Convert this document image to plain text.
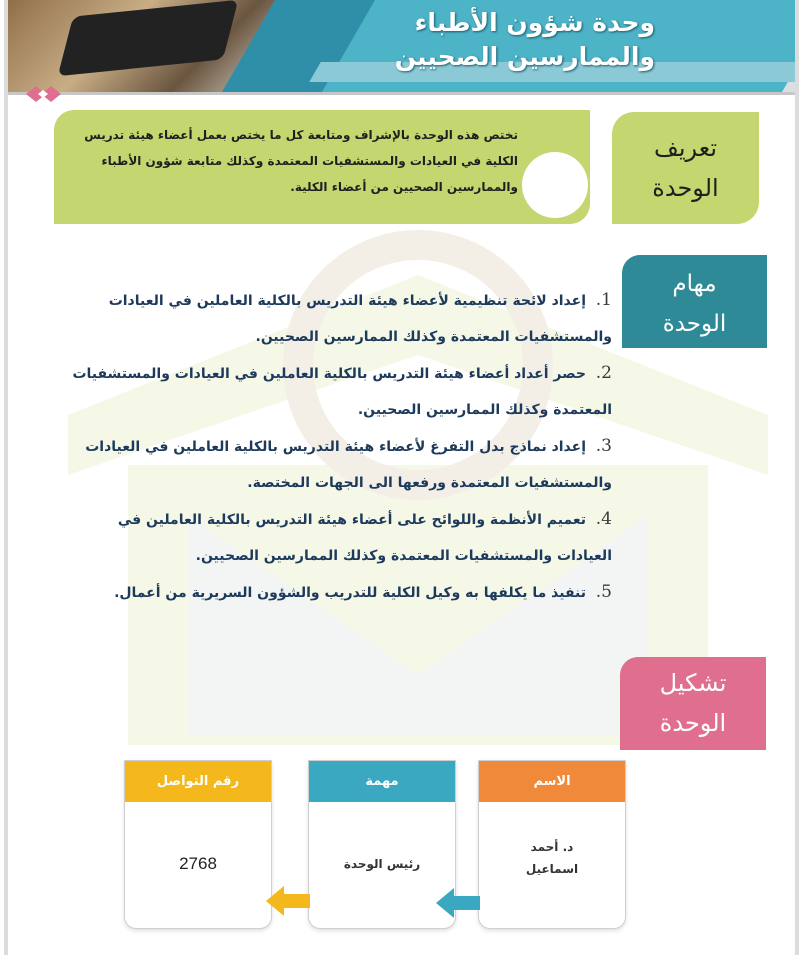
وحدة شؤون الأطباء
والممارسين الصحيين
تختص هذه الوحدة بالإشراف ومتابعة كل ما يختص بعمل أعضاء هيئة تدريس الكلية في العيادات والمستشفيات المعتمدة وكذلك متابعة شؤون الأطباء والممارسين الصحيين من أعضاء الكلية.
تعريف
الوحدة
مهام
الوحدة
1.  إعداد لائحة تنظيمية لأعضاء هيئة التدريس بالكلية العاملين في العيادات والمستشفيات المعتمدة وكذلك الممارسين الصحيين.
2.  حصر أعداد أعضاء هيئة التدريس بالكلية العاملين في العيادات والمستشفيات المعتمدة وكذلك الممارسين الصحيين.
3.  إعداد نماذج بدل التفرغ لأعضاء هيئة التدريس بالكلية العاملين في العيادات والمستشفيات المعتمدة ورفعها الى الجهات المختصة.
4.  تعميم الأنظمة واللوائح على أعضاء هيئة التدريس بالكلية العاملين في العيادات والمستشفيات المعتمدة وكذلك الممارسين الصحيين.
5.  تنفيذ ما يكلفها به وكيل الكلية للتدريب والشؤون السريرية من أعمال.
تشكيل
الوحدة
الاسم
د. أحمد
اسماعيل
مهمة
رئيس الوحدة
رقم التواصل
2768
